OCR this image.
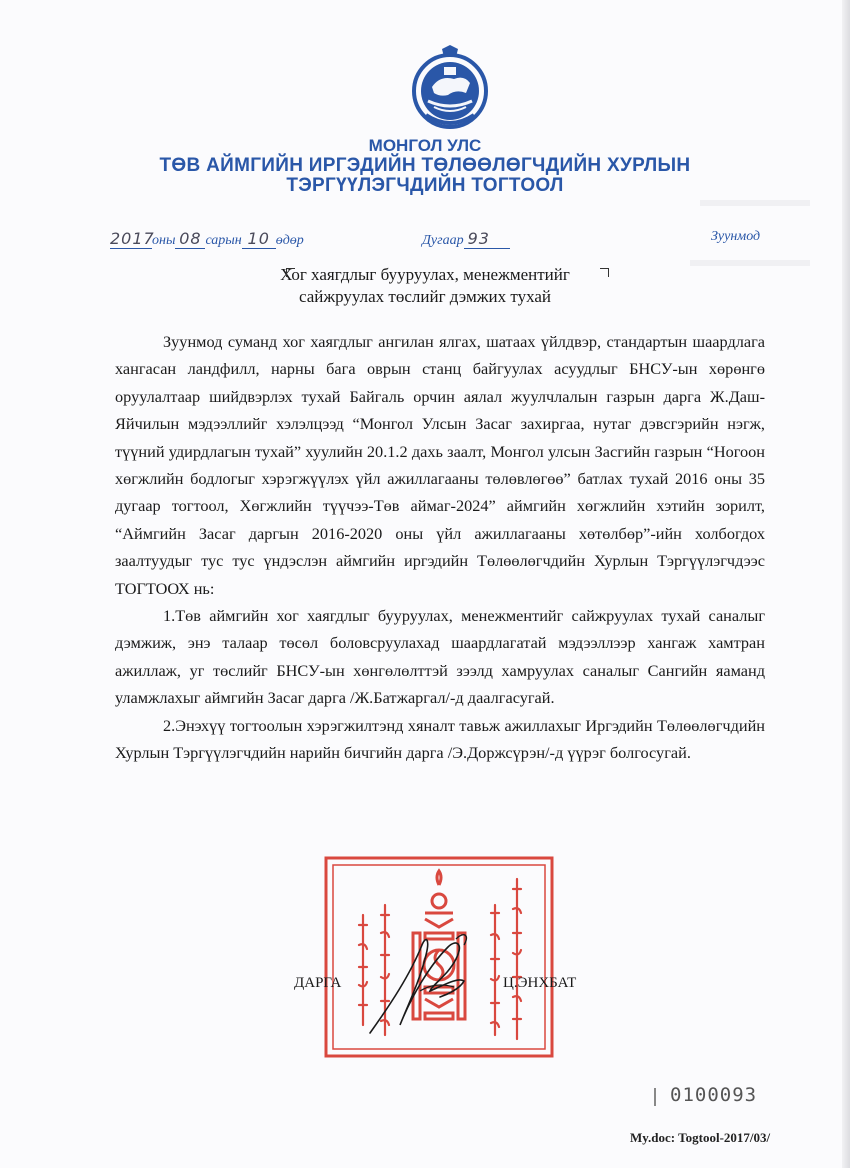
МОНГОЛ УЛС
ТӨВ АЙМГИЙН ИРГЭДИЙН ТӨЛӨӨЛӨГЧДИЙН ХУРЛЫН
ТЭРГҮҮЛЭГЧДИЙН ТОГТООЛ
2017оны 08 сарын 10 өдөр	Дугаар 93	Зуунмод
Хог хаягдлыг бууруулах, менежментийг
сайжруулах төслийг дэмжих тухай

Зуунмод суманд хог хаягдлыг ангилан ялгах, шатаах үйлдвэр, стандартын шаардлага хангасан ландфилл, нарны бага оврын станц байгуулах асуудлыг БНСУ-ын хөрөнгө оруулалтаар шийдвэрлэх тухай Байгаль орчин аялал жуулчлалын газрын дарга Ж.Даш-Яйчилын мэдээллийг хэлэлцээд “Монгол Улсын Засаг захиргаа, нутаг дэвсгэрийн нэгж, түүний удирдлагын тухай” хуулийн 20.1.2 дахь заалт, Монгол улсын Засгийн газрын “Ногоон хөгжлийн бодлогыг хэрэгжүүлэх үйл ажиллагааны төлөвлөгөө” батлах тухай 2016 оны 35 дугаар тогтоол, Хөгжлийн түүчээ-Төв аймаг-2024” аймгийн хөгжлийн хэтийн зорилт, “Аймгийн Засаг даргын 2016-2020 оны үйл ажиллагааны хөтөлбөр”-ийн холбогдох заалтуудыг тус тус үндэслэн аймгийн иргэдийн Төлөөлөгчдийн Хурлын Тэргүүлэгчдээс ТОГТООХ нь:

1.Төв аймгийн хог хаягдлыг бууруулах, менежментийг сайжруулах тухай саналыг дэмжиж, энэ талаар төсөл боловсруулахад шаардлагатай мэдээллээр хангаж хамтран ажиллаж, уг төслийг БНСУ-ын хөнгөлөлттэй зээлд хамруулах саналыг Сангийн яаманд уламжлахыг аймгийн Засаг дарга /Ж.Батжаргал/-д даалгасугай.

2.Энэхүү тогтоолын хэрэгжилтэнд хяналт тавьж ажиллахыг Иргэдийн Төлөөлөгчдийн Хурлын Тэргүүлэгчдийн нарийн бичгийн дарга /Э.Доржсүрэн/-д үүрэг болгосугай.

ДАРГА	Ц.ЭНХБАТ
0100093
My.doc: Togtool-2017/03/
